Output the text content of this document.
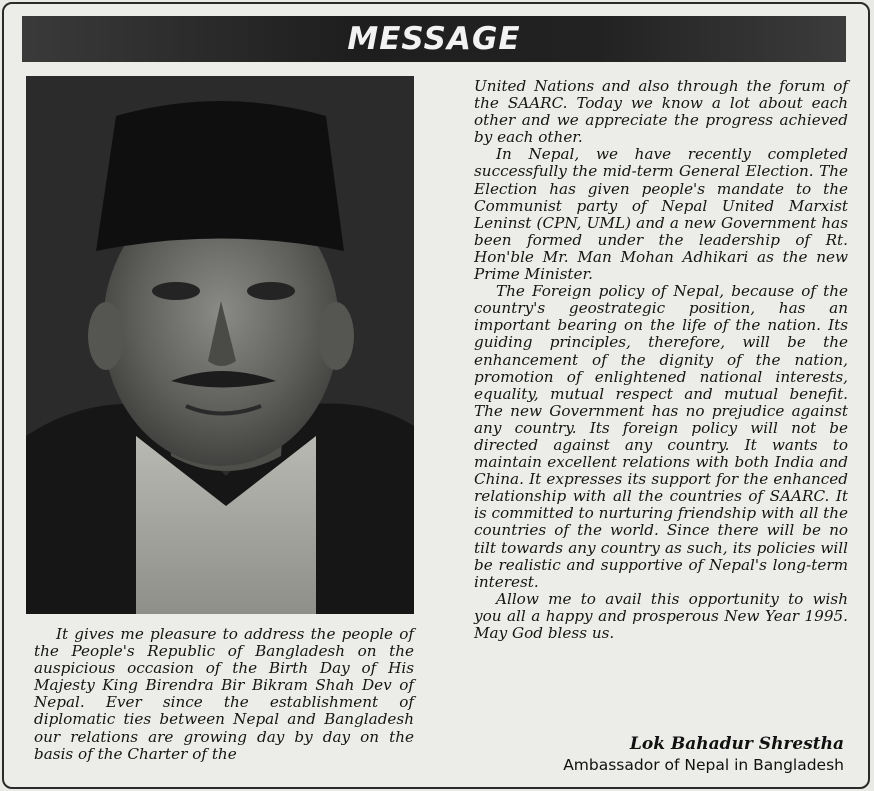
MESSAGE

It gives me pleasure to address the people of the People's Republic of Bangladesh on the auspicious occasion of the Birth Day of His Majesty King Birendra Bir Bikram Shah Dev of Nepal. Ever since the establishment of diplomatic ties between Nepal and Bangladesh our relations are growing day by day on the basis of the Charter of the

United Nations and also through the forum of the SAARC. Today we know a lot about each other and we appreciate the progress achieved by each other.

In Nepal, we have recently completed successfully the mid-term General Election. The Election has given people's mandate to the Communist party of Nepal United Marxist Leninst (CPN, UML) and a new Government has been formed under the leadership of Rt. Hon'ble Mr. Man Mohan Adhikari as the new Prime Minister.

The Foreign policy of Nepal, because of the country's geostrategic position, has an important bearing on the life of the nation. Its guiding principles, therefore, will be the enhancement of the dignity of the nation, promotion of enlightened national interests, equality, mutual respect and mutual benefit. The new Government has no prejudice against any country. Its foreign policy will not be directed against any country. It wants to maintain excellent relations with both India and China. It expresses its support for the enhanced relationship with all the countries of SAARC. It is committed to nurturing friendship with all the countries of the world. Since there will be no tilt towards any country as such, its policies will be realistic and supportive of Nepal's long-term interest.

Allow me to avail this opportunity to wish you all a happy and prosperous New Year 1995. May God bless us.

Lok Bahadur Shrestha
Ambassador of Nepal in Bangladesh
